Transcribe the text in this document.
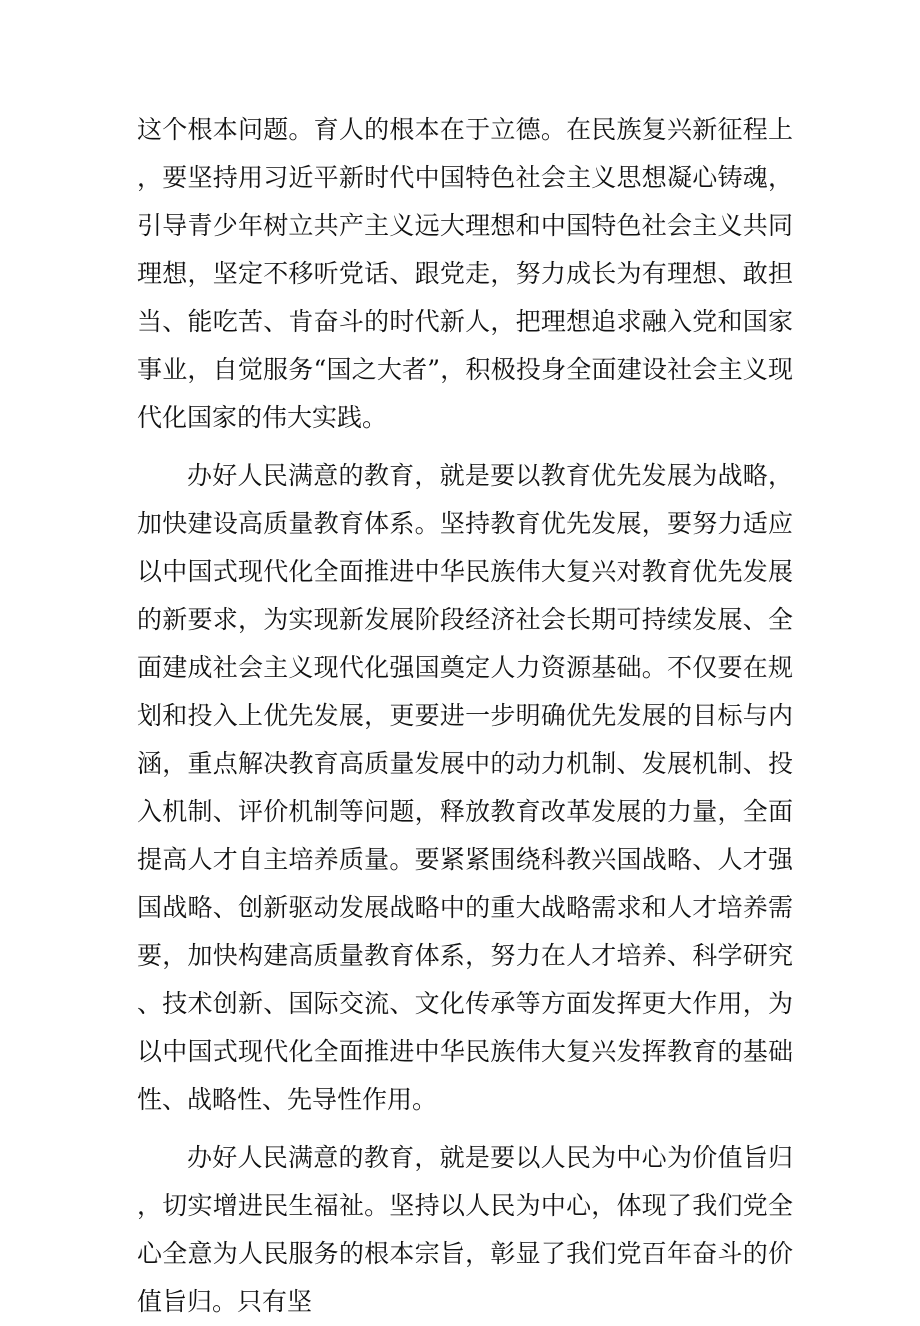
这个根本问题。育人的根本在于立德。在民族复兴新征程上，要坚持用习近平新时代中国特色社会主义思想凝心铸魂，引导青少年树立共产主义远大理想和中国特色社会主义共同理想，坚定不移听党话、跟党走，努力成长为有理想、敢担当、能吃苦、肯奋斗的时代新人，把理想追求融入党和国家事业，自觉服务“国之大者”，积极投身全面建设社会主义现代化国家的伟大实践。

办好人民满意的教育，就是要以教育优先发展为战略，加快建设高质量教育体系。坚持教育优先发展，要努力适应以中国式现代化全面推进中华民族伟大复兴对教育优先发展的新要求，为实现新发展阶段经济社会长期可持续发展、全面建成社会主义现代化强国奠定人力资源基础。不仅要在规划和投入上优先发展，更要进一步明确优先发展的目标与内涵，重点解决教育高质量发展中的动力机制、发展机制、投入机制、评价机制等问题，释放教育改革发展的力量，全面提高人才自主培养质量。要紧紧围绕科教兴国战略、人才强国战略、创新驱动发展战略中的重大战略需求和人才培养需要，加快构建高质量教育体系，努力在人才培养、科学研究、技术创新、国际交流、文化传承等方面发挥更大作用，为以中国式现代化全面推进中华民族伟大复兴发挥教育的基础性、战略性、先导性作用。

办好人民满意的教育，就是要以人民为中心为价值旨归，切实增进民生福祉。坚持以人民为中心，体现了我们党全心全意为人民服务的根本宗旨，彰显了我们党百年奋斗的价值旨归。只有坚
